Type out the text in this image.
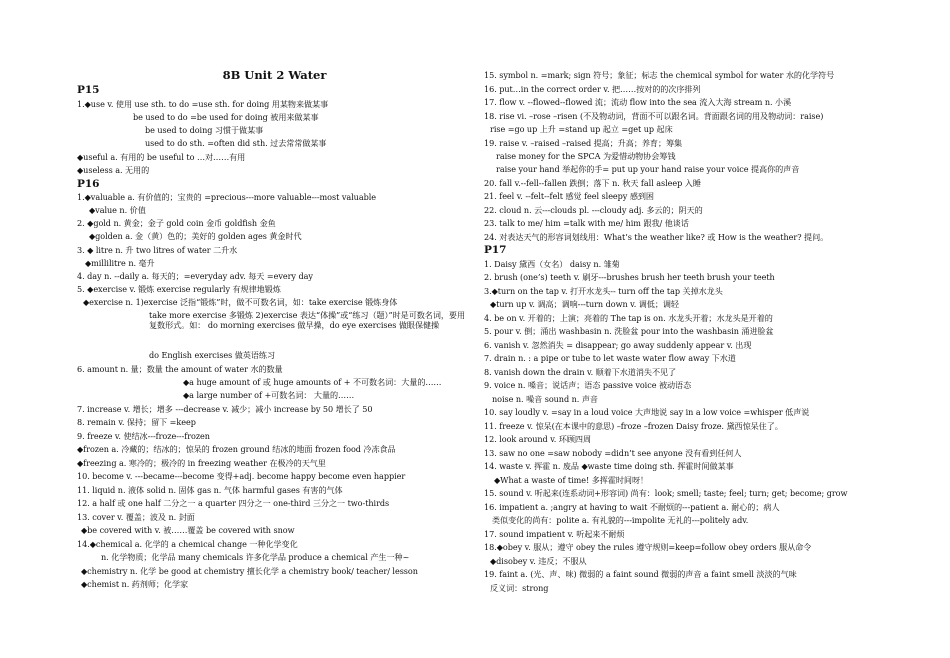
8B Unit 2 Water
P15
1.◆use v. 使用 use sth. to do =use sth. for doing 用某物来做某事
be used to do =be used for doing 被用来做某事
be used to doing 习惯于做某事
used to do sth. =often did sth. 过去常常做某事
◆useful a. 有用的 be useful to …对……有用
◆useless a. 无用的
P16
1.◆valuable a. 有价值的；宝贵的 =precious---more valuable---most valuable
◆value n. 价值
2. ◆gold n. 黄金；金子 gold coin 金币 goldfish 金鱼
◆golden a. 金（黄）色的；美好的 golden ages 黄金时代
3. ◆ litre n. 升 two litres of water 二升水
◆millilitre n. 毫升
4. day n. --daily a. 每天的；=everyday adv. 每天 =every day
5. ◆exercise v. 锻炼 exercise regularly 有规律地锻炼
◆exercise n. 1)exercise 泛指“锻炼”时，做不可数名词，如：take exercise 锻炼身体
take more exercise 多锻炼 2)exercise 表达“体操”或“练习（题）”时是可数名词，要用复数形式。如： do morning exercises 做早操，do eye exercises 做眼保健操
do English exercises 做英语练习
6. amount n. 量；数量 the amount of water 水的数量
◆a huge amount of 或 huge amounts of + 不可数名词：大量的……
◆a large number of +可数名词： 大量的……
7. increase v. 增长；增多 ---decrease v. 减少；减小 increase by 50 增长了 50
8. remain v. 保持；留下 =keep
9. freeze v. 使结冰---froze---frozen
◆frozen a. 冷藏的；结冰的；惊呆的 frozen ground 结冰的地面 frozen food 冷冻食品
◆freezing a. 寒冷的；极冷的 in freezing weather 在极冷的天气里
10. become v. ---became---become 变得+adj. become happy become even happier
11. liquid n. 液体 solid n. 固体 gas n. 气体 harmful gases 有害的气体
12. a half 或 one half 二分之一 a quarter 四分之一 one-third 三分之一 two-thirds
13. cover v. 覆盖；波及 n. 封面
◆be covered with v. 被……覆盖 be covered with snow
14.◆chemical a. 化学的 a chemical change 一种化学变化
n. 化学物质；化学品 many chemicals 许多化学品 produce a chemical 产生一种~
◆chemistry n. 化学 be good at chemistry 擅长化学 a chemistry book/ teacher/ lesson
◆chemist n. 药剂师；化学家
15. symbol n. =mark; sign 符号；象征；标志 the chemical symbol for water 水的化学符号
16. put…in the correct order v. 把……按对的的次序排列
17. flow v. --flowed--flowed 流；流动 flow into the sea 流入大海 stream n. 小溪
18. rise vi. –rose –risen (不及物动词，背面不可以跟名词。背面跟名词的用及物动词：raise)
rise =go up 上升 =stand up 起立 =get up 起床
19. raise v. –raised –raised 提高；升高；养育；筹集
raise money for the SPCA 为爱惜动物协会筹钱
raise your hand 举起你的手= put up your hand raise your voice 提高你的声音
20. fall v.--fell--fallen 跌倒；落下 n. 秋天 fall asleep 入睡
21. feel v. --felt--felt 感觉 feel sleepy 感到困
22. cloud n. 云---clouds pl. ---cloudy adj. 多云的；阴天的
23. talk to me/ him =talk with me/ him 跟我/ 他谈话
24. 对表达天气的形容词划线用：What’s the weather like? 或 How is the weather? 提问。
P17
1. Daisy 黛西（女名） daisy n. 雏菊
2. brush (one’s) teeth v. 刷牙---brushes brush her teeth brush your teeth
3.◆turn on the tap v. 打开水龙头-- turn off the tap 关掉水龙头
◆turn up v. 调高；调响---turn down v. 调低；调轻
4. be on v. 开着的；上演；亮着的 The tap is on. 水龙头开着；水龙头是开着的
5. pour v. 倒；涌出 washbasin n. 洗脸盆 pour into the washbasin 涌进脸盆
6. vanish v. 忽然消失 = disappear; go away suddenly appear v. 出现
7. drain n. : a pipe or tube to let waste water flow away 下水道
8. vanish down the drain v. 顺着下水道消失不见了
9. voice n. 嗓音；说话声；语态 passive voice 被动语态
noise n. 噪音 sound n. 声音
10. say loudly v. =say in a loud voice 大声地说 say in a low voice =whisper 低声说
11. freeze v. 惊呆(在本课中的意思) –froze –frozen Daisy froze. 黛西惊呆住了。
12. look around v. 环顾四周
13. saw no one =saw nobody =didn’t see anyone 没有看到任何人
14. waste v. 挥霍 n. 废品 ◆waste time doing sth. 挥霍时间做某事
◆What a waste of time! 多挥霍时间呀！
15. sound v. 听起来(连系动词+形容词) 尚有：look; smell; taste; feel; turn; get; become; grow
16. impatient a. ;angry at having to wait 不耐烦的---patient a. 耐心的；病人
类似变化的尚有：polite a. 有礼貌的---impolite 无礼的---politely adv.
17. sound impatient v. 听起来不耐烦
18.◆obey v. 服从；遵守 obey the rules 遵守规则=keep=follow obey orders 服从命令
◆disobey v. 违反；不服从
19. faint a. (光、声、味) 微弱的 a faint sound 微弱的声音 a faint smell 淡淡的气味
反义词：strong
